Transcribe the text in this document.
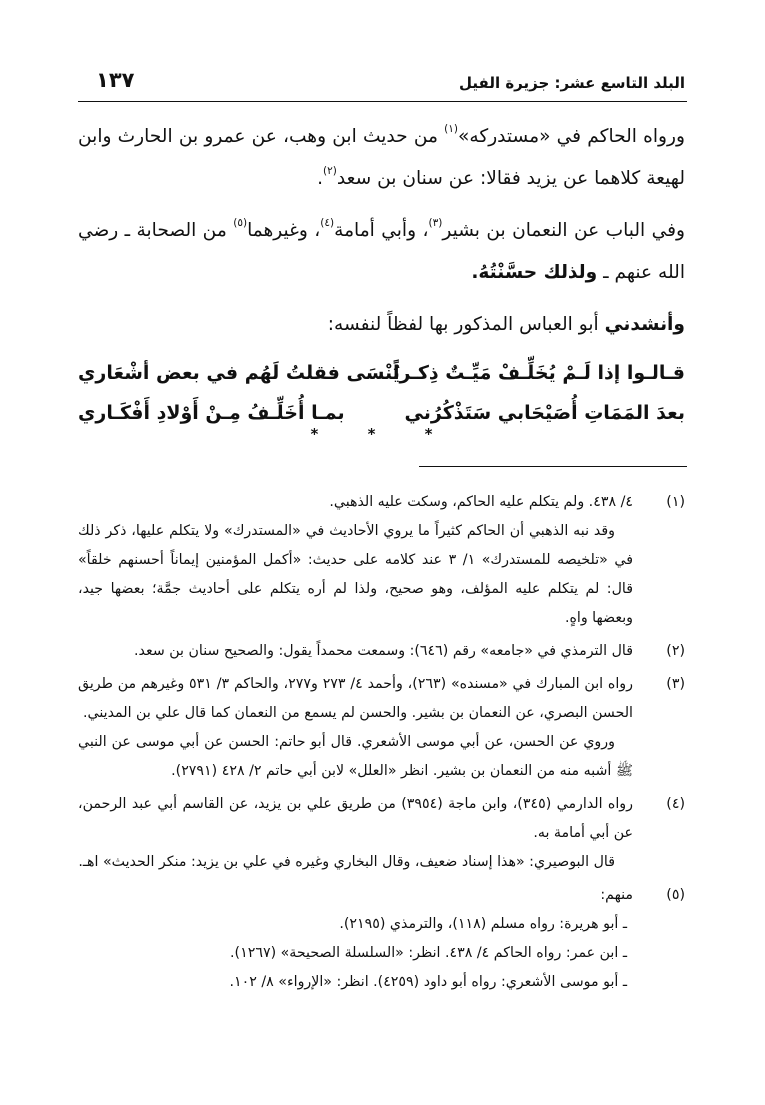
البلد التاسع عشر: جزيرة الفيل
١٣٧

ورواه الحاكم في «مستدركه»$^{(١)}$ من حديث ابن وهب، عن عمرو بن الحارث وابن لهيعة كلاهما عن يزيد فقالا: عن سنان بن سعد$^{(٢)}$.

وفي الباب عن النعمان بن بشير$^{(٣)}$، وأبي أمامة$^{(٤)}$، وغيرهما$^{(٥)}$ من الصحابة ـ رضي الله عنهم ـ ولذلك حسَّنْتُهُ.

وأنشدني أبو العباس المذكور بها لفظاً لنفسه:

قـالـوا إذا لَـمْ يُخَلِّـفْ مَيِّـتٌ ذِكـراً
يُنْسَى فقلتُ لَهُم في بعض أشْعَاري
بعدَ المَمَاتِ أُصَيْحَابي سَتَذْكُرُني
بمـا أُخَلِّـفُ مِـنْ أَوْلادِ أَفْكَـاري
* * *
(١)

٤/ ٤٣٨. ولم يتكلم عليه الحاكم، وسكت عليه الذهبي.

وقد نبه الذهبي أن الحاكم كثيراً ما يروي الأحاديث في «المستدرك» ولا يتكلم عليها، ذكر ذلك في «تلخيصه للمستدرك» ١/ ٣ عند كلامه على حديث: «أكمل المؤمنين إيماناً أحسنهم خلقاً» قال: لم يتكلم عليه المؤلف، وهو صحيح، ولذا لم أره يتكلم على أحاديث جمَّة؛ بعضها جيد، وبعضها واهٍ.

(٢)

قال الترمذي في «جامعه» رقم (٦٤٦): وسمعت محمداً يقول: والصحيح سنان بن سعد.

(٣)

رواه ابن المبارك في «مسنده» (٢٦٣)، وأحمد ٤/ ٢٧٣ و٢٧٧، والحاكم ٣/ ٥٣١ وغيرهم من طريق الحسن البصري، عن النعمان بن بشير. والحسن لم يسمع من النعمان كما قال علي بن المديني.

وروي عن الحسن، عن أبي موسى الأشعري. قال أبو حاتم: الحسن عن أبي موسى عن النبي ﷺ أشبه منه من النعمان بن بشير. انظر «العلل» لابن أبي حاتم ٢/ ٤٢٨ (٢٧٩١).

(٤)

رواه الدارمي (٣٤٥)، وابن ماجة (٣٩٥٤) من طريق علي بن يزيد، عن القاسم أبي عبد الرحمن، عن أبي أمامة به.

قال البوصيري: «هذا إسناد ضعيف، وقال البخاري وغيره في علي بن يزيد: منكر الحديث» اهـ.

(٥)

منهم:

ـ أبو هريرة: رواه مسلم (١١٨)، والترمذي (٢١٩٥).
ـ ابن عمر: رواه الحاكم ٤/ ٤٣٨. انظر: «السلسلة الصحيحة» (١٢٦٧).
ـ أبو موسى الأشعري: رواه أبو داود (٤٢٥٩). انظر: «الإرواء» ٨/ ١٠٢.
